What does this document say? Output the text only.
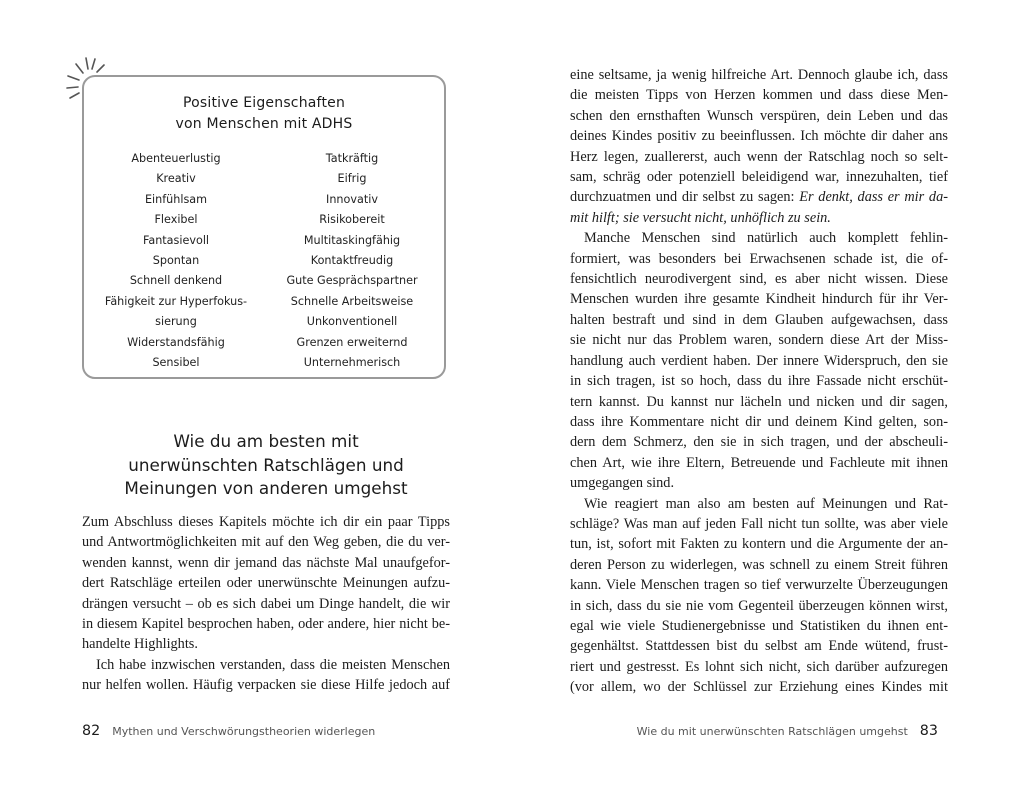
Positive Eigenschaften
von Menschen mit ADHS
Abenteuerlustig
Kreativ
Einfühlsam
Flexibel
Fantasievoll
Spontan
Schnell denkend
Fähigkeit zur Hyperfokus-
sierung
Widerstandsfähig
Sensibel
Tatkräftig
Eifrig
Innovativ
Risikobereit
Multitaskingfähig
Kontaktfreudig
Gute Gesprächspartner
Schnelle Arbeitsweise
Unkonventionell
Grenzen erweiternd
Unternehmerisch
Wie du am besten mit
unerwünschten Ratschlägen und
Meinungen von anderen umgehst

Zum Abschluss dieses Kapitels möchte ich dir ein paar Tipps
und Antwortmöglichkeiten mit auf den Weg geben, die du ver-
wenden kannst, wenn dir jemand das nächste Mal unaufgefor-
dert Ratschläge erteilen oder unerwünschte Meinungen aufzu-
drängen versucht – ob es sich dabei um Dinge handelt, die wir
in diesem Kapitel besprochen haben, oder andere, hier nicht be-
handelte Highlights.

Ich habe inzwischen verstanden, dass die meisten Menschen
nur helfen wollen. Häufig verpacken sie diese Hilfe jedoch auf

82 Mythen und Verschwörungstheorien widerlegen

eine seltsame, ja wenig hilfreiche Art. Dennoch glaube ich, dass
die meisten Tipps von Herzen kommen und dass diese Men-
schen den ernsthaften Wunsch verspüren, dein Leben und das
deines Kindes positiv zu beeinflussen. Ich möchte dir daher ans
Herz legen, zuallererst, auch wenn der Ratschlag noch so selt-
sam, schräg oder potenziell beleidigend war, innezuhalten, tief
durchzuatmen und dir selbst zu sagen: Er denkt, dass er mir da-
mit hilft; sie versucht nicht, unhöflich zu sein.

Manche Menschen sind natürlich auch komplett fehlin-
formiert, was besonders bei Erwachsenen schade ist, die of-
fensichtlich neurodivergent sind, es aber nicht wissen. Diese
Menschen wurden ihre gesamte Kindheit hindurch für ihr Ver-
halten bestraft und sind in dem Glauben aufgewachsen, dass
sie nicht nur das Problem waren, sondern diese Art der Miss-
handlung auch verdient haben. Der innere Widerspruch, den sie
in sich tragen, ist so hoch, dass du ihre Fassade nicht erschüt-
tern kannst. Du kannst nur lächeln und nicken und dir sagen,
dass ihre Kommentare nicht dir und deinem Kind gelten, son-
dern dem Schmerz, den sie in sich tragen, und der abscheuli-
chen Art, wie ihre Eltern, Betreuende und Fachleute mit ihnen
umgegangen sind.

Wie reagiert man also am besten auf Meinungen und Rat-
schläge? Was man auf jeden Fall nicht tun sollte, was aber viele
tun, ist, sofort mit Fakten zu kontern und die Argumente der an-
deren Person zu widerlegen, was schnell zu einem Streit führen
kann. Viele Menschen tragen so tief verwurzelte Überzeugungen
in sich, dass du sie nie vom Gegenteil überzeugen können wirst,
egal wie viele Studienergebnisse und Statistiken du ihnen ent-
gegenhältst. Stattdessen bist du selbst am Ende wütend, frust-
riert und gestresst. Es lohnt sich nicht, sich darüber aufzuregen
(vor allem, wo der Schlüssel zur Erziehung eines Kindes mit

Wie du mit unerwünschten Ratschlägen umgehst 83
